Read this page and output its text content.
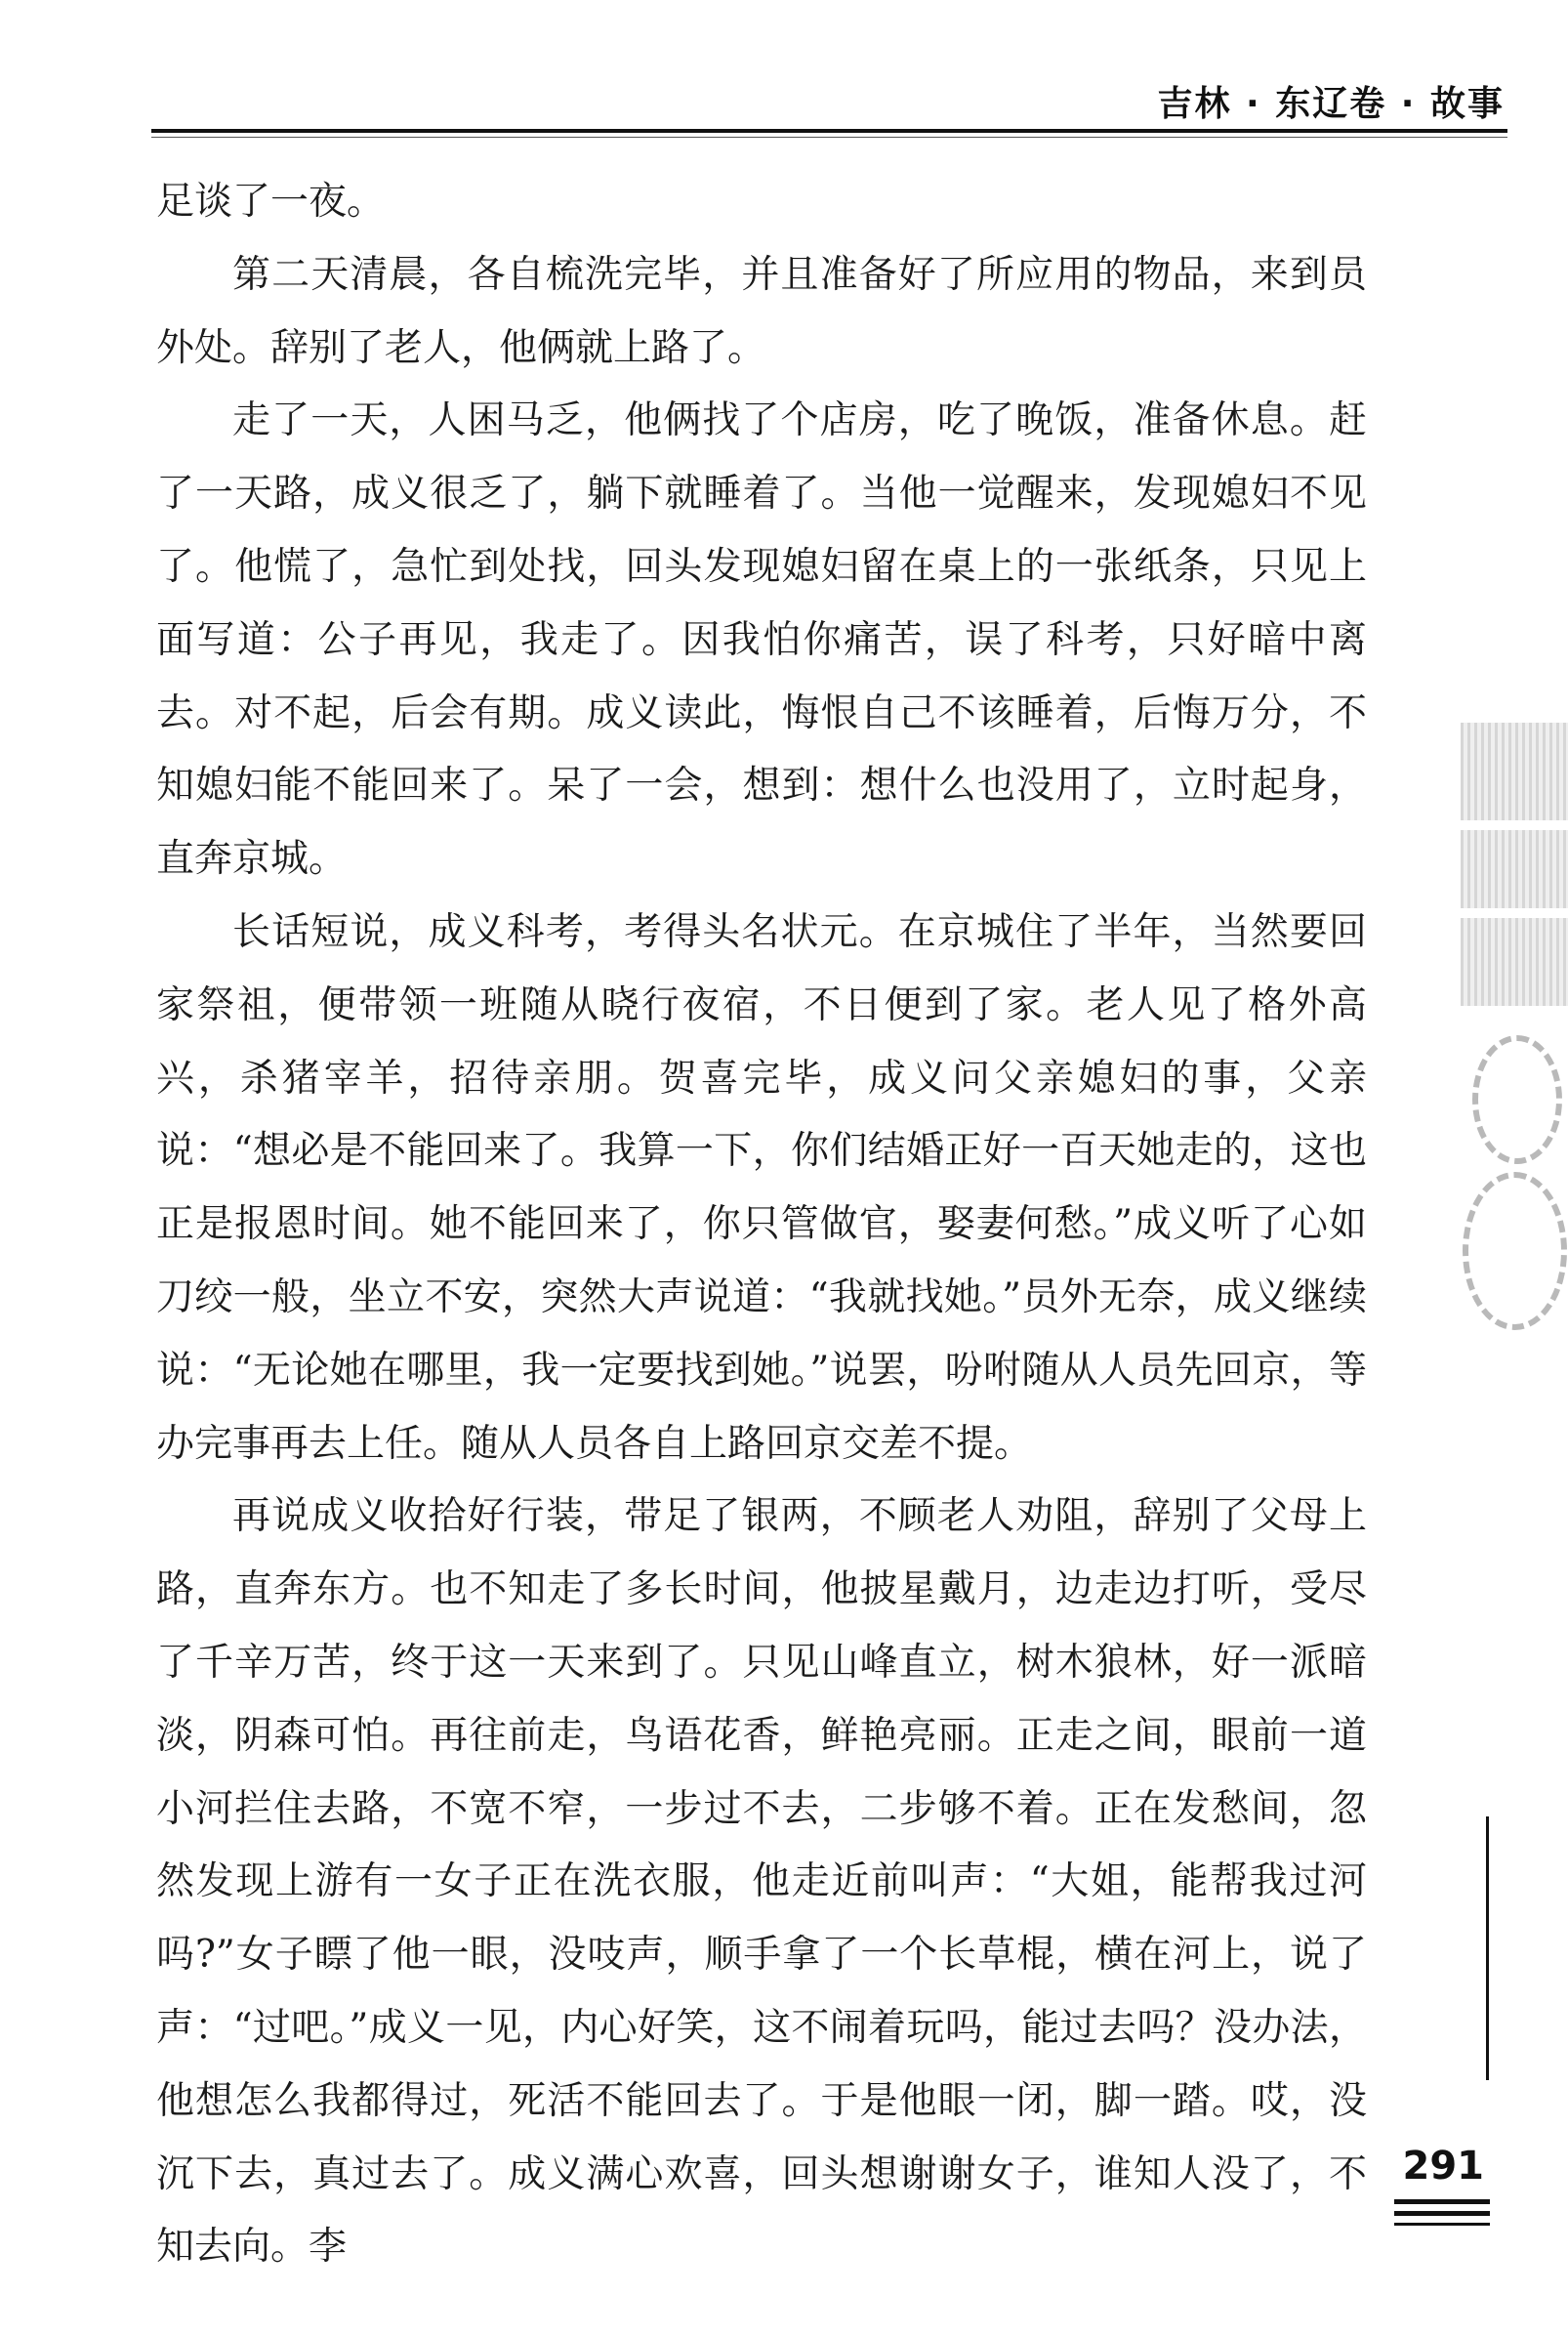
吉林 · 东辽卷 · 故事

足谈了一夜。

第二天清晨，各自梳洗完毕，并且准备好了所应用的物品，来到员外处。辞别了老人，他俩就上路了。

走了一天，人困马乏，他俩找了个店房，吃了晚饭，准备休息。赶了一天路，成义很乏了，躺下就睡着了。当他一觉醒来，发现媳妇不见了。他慌了，急忙到处找，回头发现媳妇留在桌上的一张纸条，只见上面写道：公子再见，我走了。因我怕你痛苦，误了科考，只好暗中离去。对不起，后会有期。成义读此，悔恨自己不该睡着，后悔万分，不知媳妇能不能回来了。呆了一会，想到：想什么也没用了，立时起身，直奔京城。

长话短说，成义科考，考得头名状元。在京城住了半年，当然要回家祭祖，便带领一班随从晓行夜宿，不日便到了家。老人见了格外高兴，杀猪宰羊，招待亲朋。贺喜完毕，成义问父亲媳妇的事，父亲说：“想必是不能回来了。我算一下，你们结婚正好一百天她走的，这也正是报恩时间。她不能回来了，你只管做官，娶妻何愁。”成义听了心如刀绞一般，坐立不安，突然大声说道：“我就找她。”员外无奈，成义继续说：“无论她在哪里，我一定要找到她。”说罢，吩咐随从人员先回京，等办完事再去上任。随从人员各自上路回京交差不提。

再说成义收拾好行装，带足了银两，不顾老人劝阻，辞别了父母上路，直奔东方。也不知走了多长时间，他披星戴月，边走边打听，受尽了千辛万苦，终于这一天来到了。只见山峰直立，树木狼林，好一派暗淡，阴森可怕。再往前走，鸟语花香，鲜艳亮丽。正走之间，眼前一道小河拦住去路，不宽不窄，一步过不去，二步够不着。正在发愁间，忽然发现上游有一女子正在洗衣服，他走近前叫声：“大姐，能帮我过河吗?”女子瞟了他一眼，没吱声，顺手拿了一个长草棍，横在河上，说了声：“过吧。”成义一见，内心好笑，这不闹着玩吗，能过去吗？没办法，他想怎么我都得过，死活不能回去了。于是他眼一闭，脚一踏。哎，没沉下去，真过去了。成义满心欢喜，回头想谢谢女子，谁知人没了，不知去向。李

291
